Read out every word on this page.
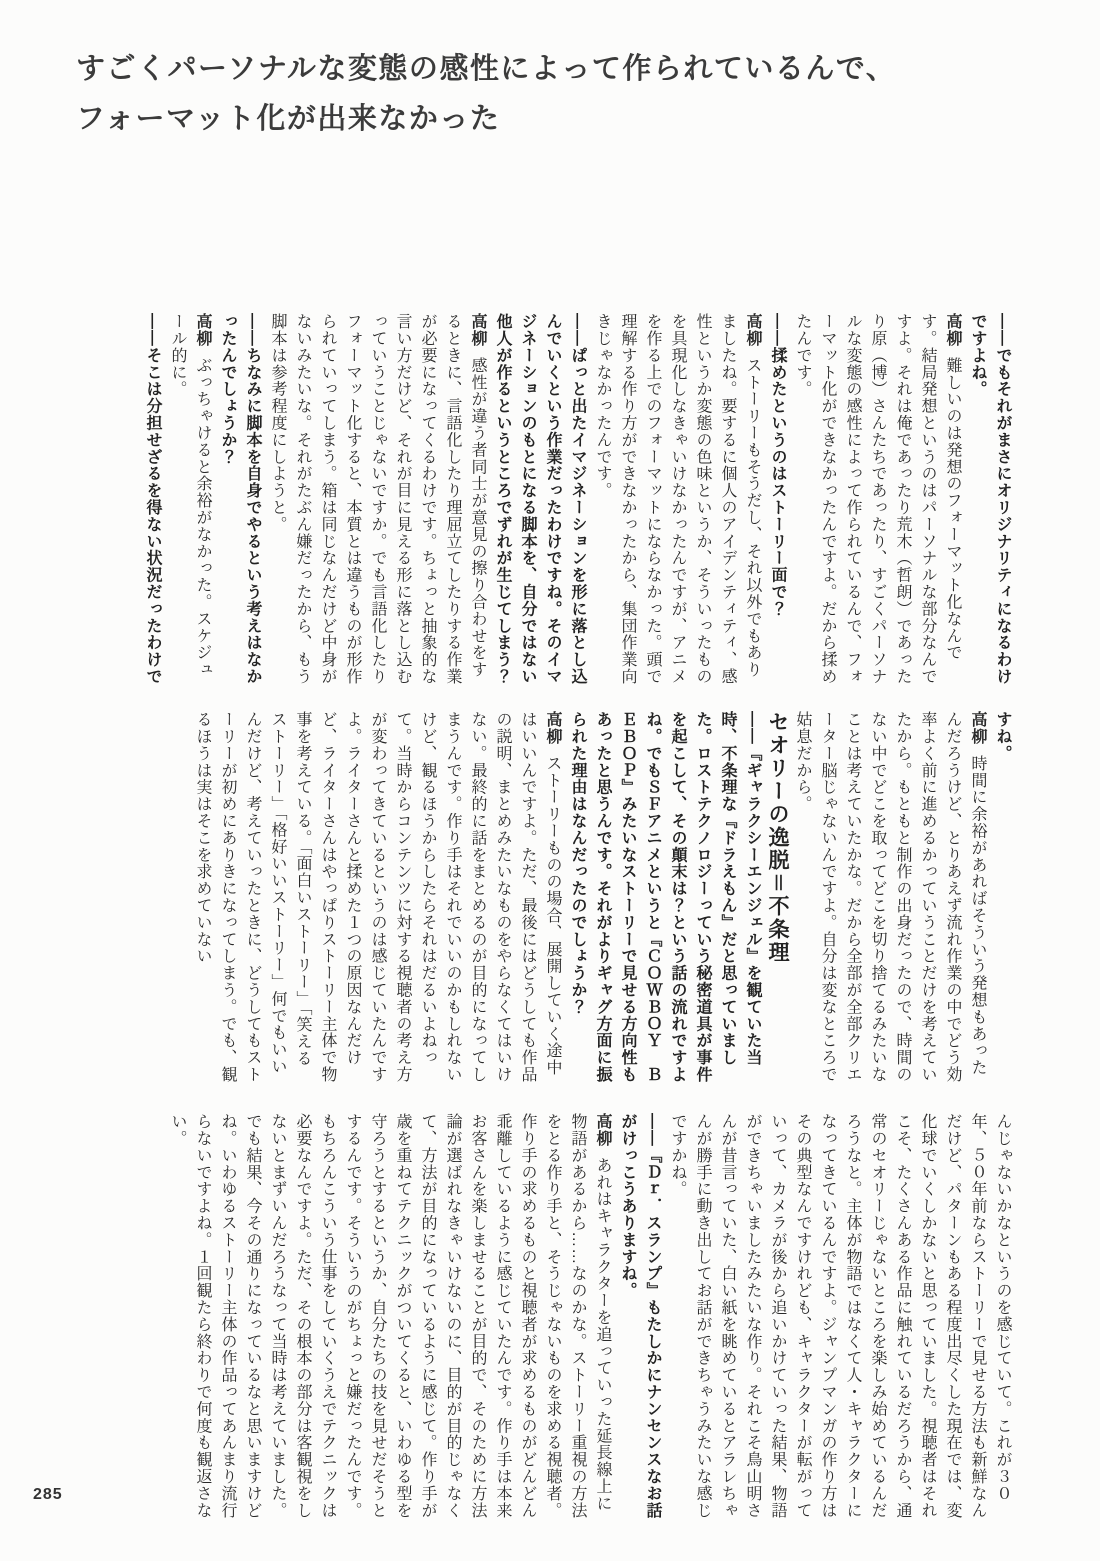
すごくパーソナルな変態の感性によって作られているんで、
フォーマット化が出来なかった

――でもそれがまさにオリジナリティになるわけですよね。

高柳難しいのは発想のフォーマット化なんです。結局発想というのはパーソナルな部分なんですよ。それは俺であったり荒木（哲朗）であったり原（博）さんたちであったり、すごくパーソナルな変態の感性によって作られているんで、フォーマット化ができなかったんですよ。だから揉めたんです。

――揉めたというのはストーリー面で？

高柳ストーリーもそうだし、それ以外でもありましたね。要するに個人のアイデンティティ、感性というか変態の色味というか、そういったものを具現化しなきゃいけなかったんですが、アニメを作る上でのフォーマットにならなかった。頭で理解する作り方ができなかったから、集団作業向きじゃなかったんです。

――ぱっと出たイマジネーションを形に落とし込んでいくという作業だったわけですね。そのイマジネーションのもとになる脚本を、自分ではない他人が作るというところでずれが生じてしまう？

高柳感性が違う者同士が意見の擦り合わせをするときに、言語化したり理屈立てしたりする作業が必要になってくるわけです。ちょっと抽象的な言い方だけど、それが目に見える形に落とし込むっていうことじゃないですか。でも言語化したりフォーマット化すると、本質とは違うものが形作られていってしまう。箱は同じなんだけど中身がないみたいな。それがたぶん嫌だったから、もう脚本は参考程度にしようと。

――ちなみに脚本を自身でやるという考えはなかったんでしょうか？

高柳ぶっちゃけると余裕がなかった。スケジュール的に。

――そこは分担せざるを得ない状況だったわけで

すね。

高柳時間に余裕があればそういう発想もあったんだろうけど、とりあえず流れ作業の中でどう効率よく前に進めるかっていうことだけを考えていたから。もともと制作の出身だったので、時間のない中でどこを取ってどこを切り捨てるみたいなことは考えていたかな。だから全部が全部クリエーター脳じゃないんですよ。自分は変なところで姑息だから。

セオリーの逸脱＝不条理

――『ギャラクシーエンジェル』を観ていた当時、不条理な『ドラえもん』だと思っていました。ロストテクノロジーっていう秘密道具が事件を起こして、その顛末は？という話の流れですよね。でもＳＦアニメというと『ＣＯＷＢＯＹ　ＢＥＢＯＰ』みたいなストーリーで見せる方向性もあったと思うんです。それがよりギャグ方面に振られた理由はなんだったのでしょうか？

高柳ストーリーものの場合、展開していく途中はいいんですよ。ただ、最後にはどうしても作品の説明、まとめみたいなものをやらなくてはいけない。最終的に話をまとめるのが目的になってしまうんです。作り手はそれでいいのかもしれないけど、観るほうからしたらそれはだるいよねって。当時からコンテンツに対する視聴者の考え方が変わってきているというのは感じていたんですよ。ライターさんと揉めた１つの原因なんだけど、ライターさんはやっぱりストーリー主体で物事を考えている。「面白いストーリー」「笑えるストーリー」「格好いいストーリー」何でもいいんだけど、考えていったときに、どうしてもストーリーが初めにありきになってしまう。でも、観るほうは実はそこを求めていない

んじゃないかなというのを感じていて。これが３０年、５０年前ならストーリーで見せる方法も新鮮なんだけど、パターンもある程度出尽くした現在では、変化球でいくしかないと思っていました。視聴者はそれこそ、たくさんある作品に触れているだろうから、通常のセオリーじゃないところを楽しみ始めているんだろうなと。主体が物語ではなくて人・キャラクターになってきているんですよ。ジャンプマンガの作り方はその典型なんですけれども、キャラクターが転がっていって、カメラが後から追いかけていった結果、物語ができちゃいましたみたいな作り。それこそ鳥山明さんが昔言っていた、白い紙を眺めているとアラレちゃんが勝手に動き出してお話ができちゃうみたいな感じですかね。

――『Ｄｒ．スランプ』もたしかにナンセンスなお話がけっこうありますね。

高柳あれはキャラクターを追っていった延長線上に物語があるから……なのかな。ストーリー重視の方法をとる作り手と、そうじゃないものを求める視聴者。作り手の求めるものと視聴者が求めるものがどんどん乖離しているように感じていたんです。作り手は本来お客さんを楽しませることが目的で、そのために方法論が選ばれなきゃいけないのに、目的が目的じゃなくて、方法が目的になっているように感じて。作り手が歳を重ねてテクニックがついてくると、いわゆる型を守ろうとするというか、自分たちの技を見せだそうとするんです。そういうのがちょっと嫌だったんです。もちろんこういう仕事をしていくうえでテクニックは必要なんですよ。ただ、その根本の部分は客観視をしないとまずいんだろうなって当時は考えていました。でも結果、今その通りになっているなと思いますけどね。いわゆるストーリー主体の作品ってあんまり流行らないですよね。１回観たら終わりで何度も観返さない。

285
